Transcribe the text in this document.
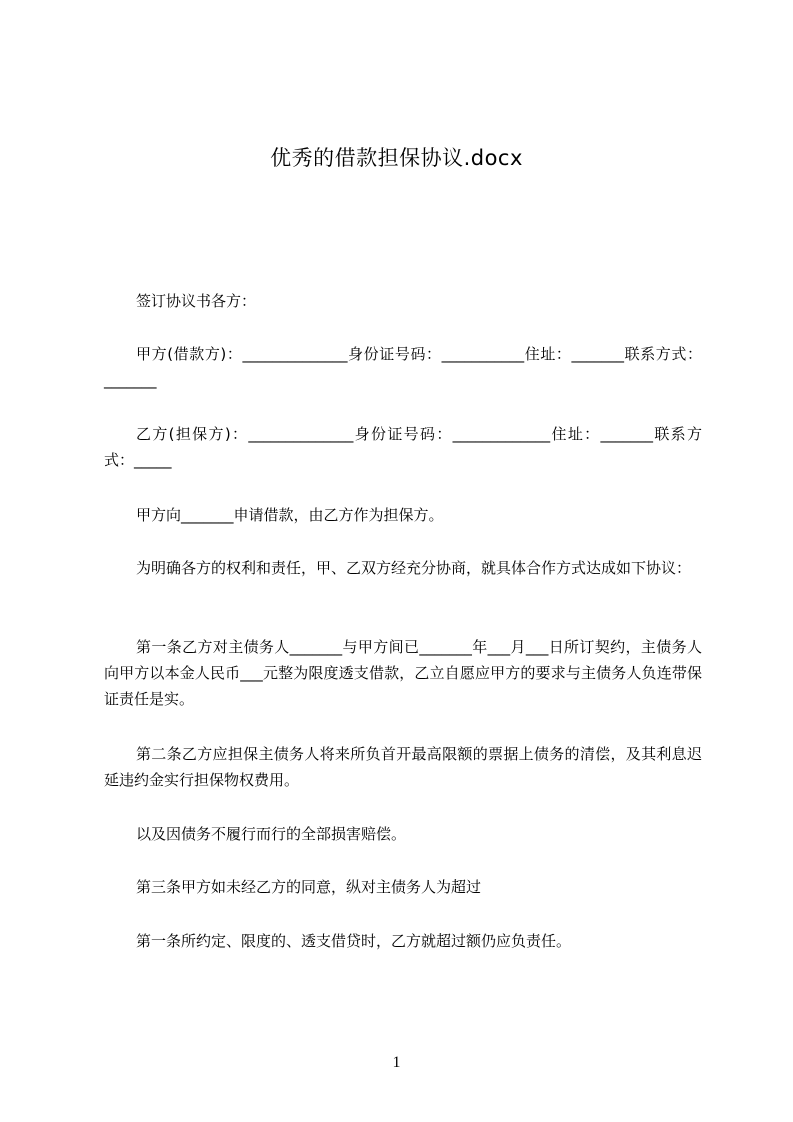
优秀的借款担保协议.docx
签订协议书各方：
甲方(借款方)：______________身份证号码：___________住址：_______联系方式：_______
乙方(担保方)：______________身份证号码：_____________住址：_______联系方式：_____
甲方向_______申请借款，由乙方作为担保方。
为明确各方的权利和责任，甲、乙双方经充分协商，就具体合作方式达成如下协议：
第一条乙方对主债务人_______与甲方间已_______年___月___日所订契约，主债务人向甲方以本金人民币___元整为限度透支借款，乙立自愿应甲方的要求与主债务人负连带保证责任是实。
第二条乙方应担保主债务人将来所负首开最高限额的票据上债务的清偿，及其利息迟延违约金实行担保物权费用。
以及因债务不履行而行的全部损害赔偿。
第三条甲方如未经乙方的同意，纵对主债务人为超过
第一条所约定、限度的、透支借贷时，乙方就超过额仍应负责任。
1
